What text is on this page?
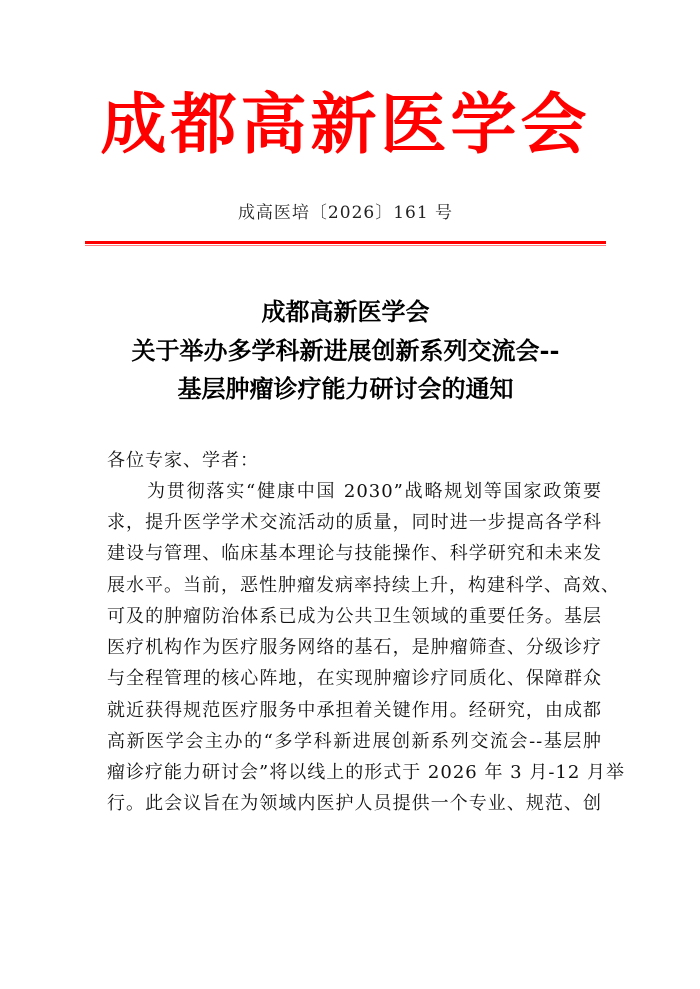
成都高新医学会
成高医培〔2026〕161 号
成都高新医学会
关于举办多学科新进展创新系列交流会--
基层肿瘤诊疗能力研讨会的通知
各位专家、学者：
为贯彻落实“健康中国 2030”战略规划等国家政策要
求，提升医学学术交流活动的质量，同时进一步提高各学科
建设与管理、临床基本理论与技能操作、科学研究和未来发
展水平。当前，恶性肿瘤发病率持续上升，构建科学、高效、
可及的肿瘤防治体系已成为公共卫生领域的重要任务。基层
医疗机构作为医疗服务网络的基石，是肿瘤筛查、分级诊疗
与全程管理的核心阵地，在实现肿瘤诊疗同质化、保障群众
就近获得规范医疗服务中承担着关键作用。经研究，由成都
高新医学会主办的“多学科新进展创新系列交流会--基层肿
瘤诊疗能力研讨会”将以线上的形式于 2026 年 3 月-12 月举
行。此会议旨在为领域内医护人员提供一个专业、规范、创
